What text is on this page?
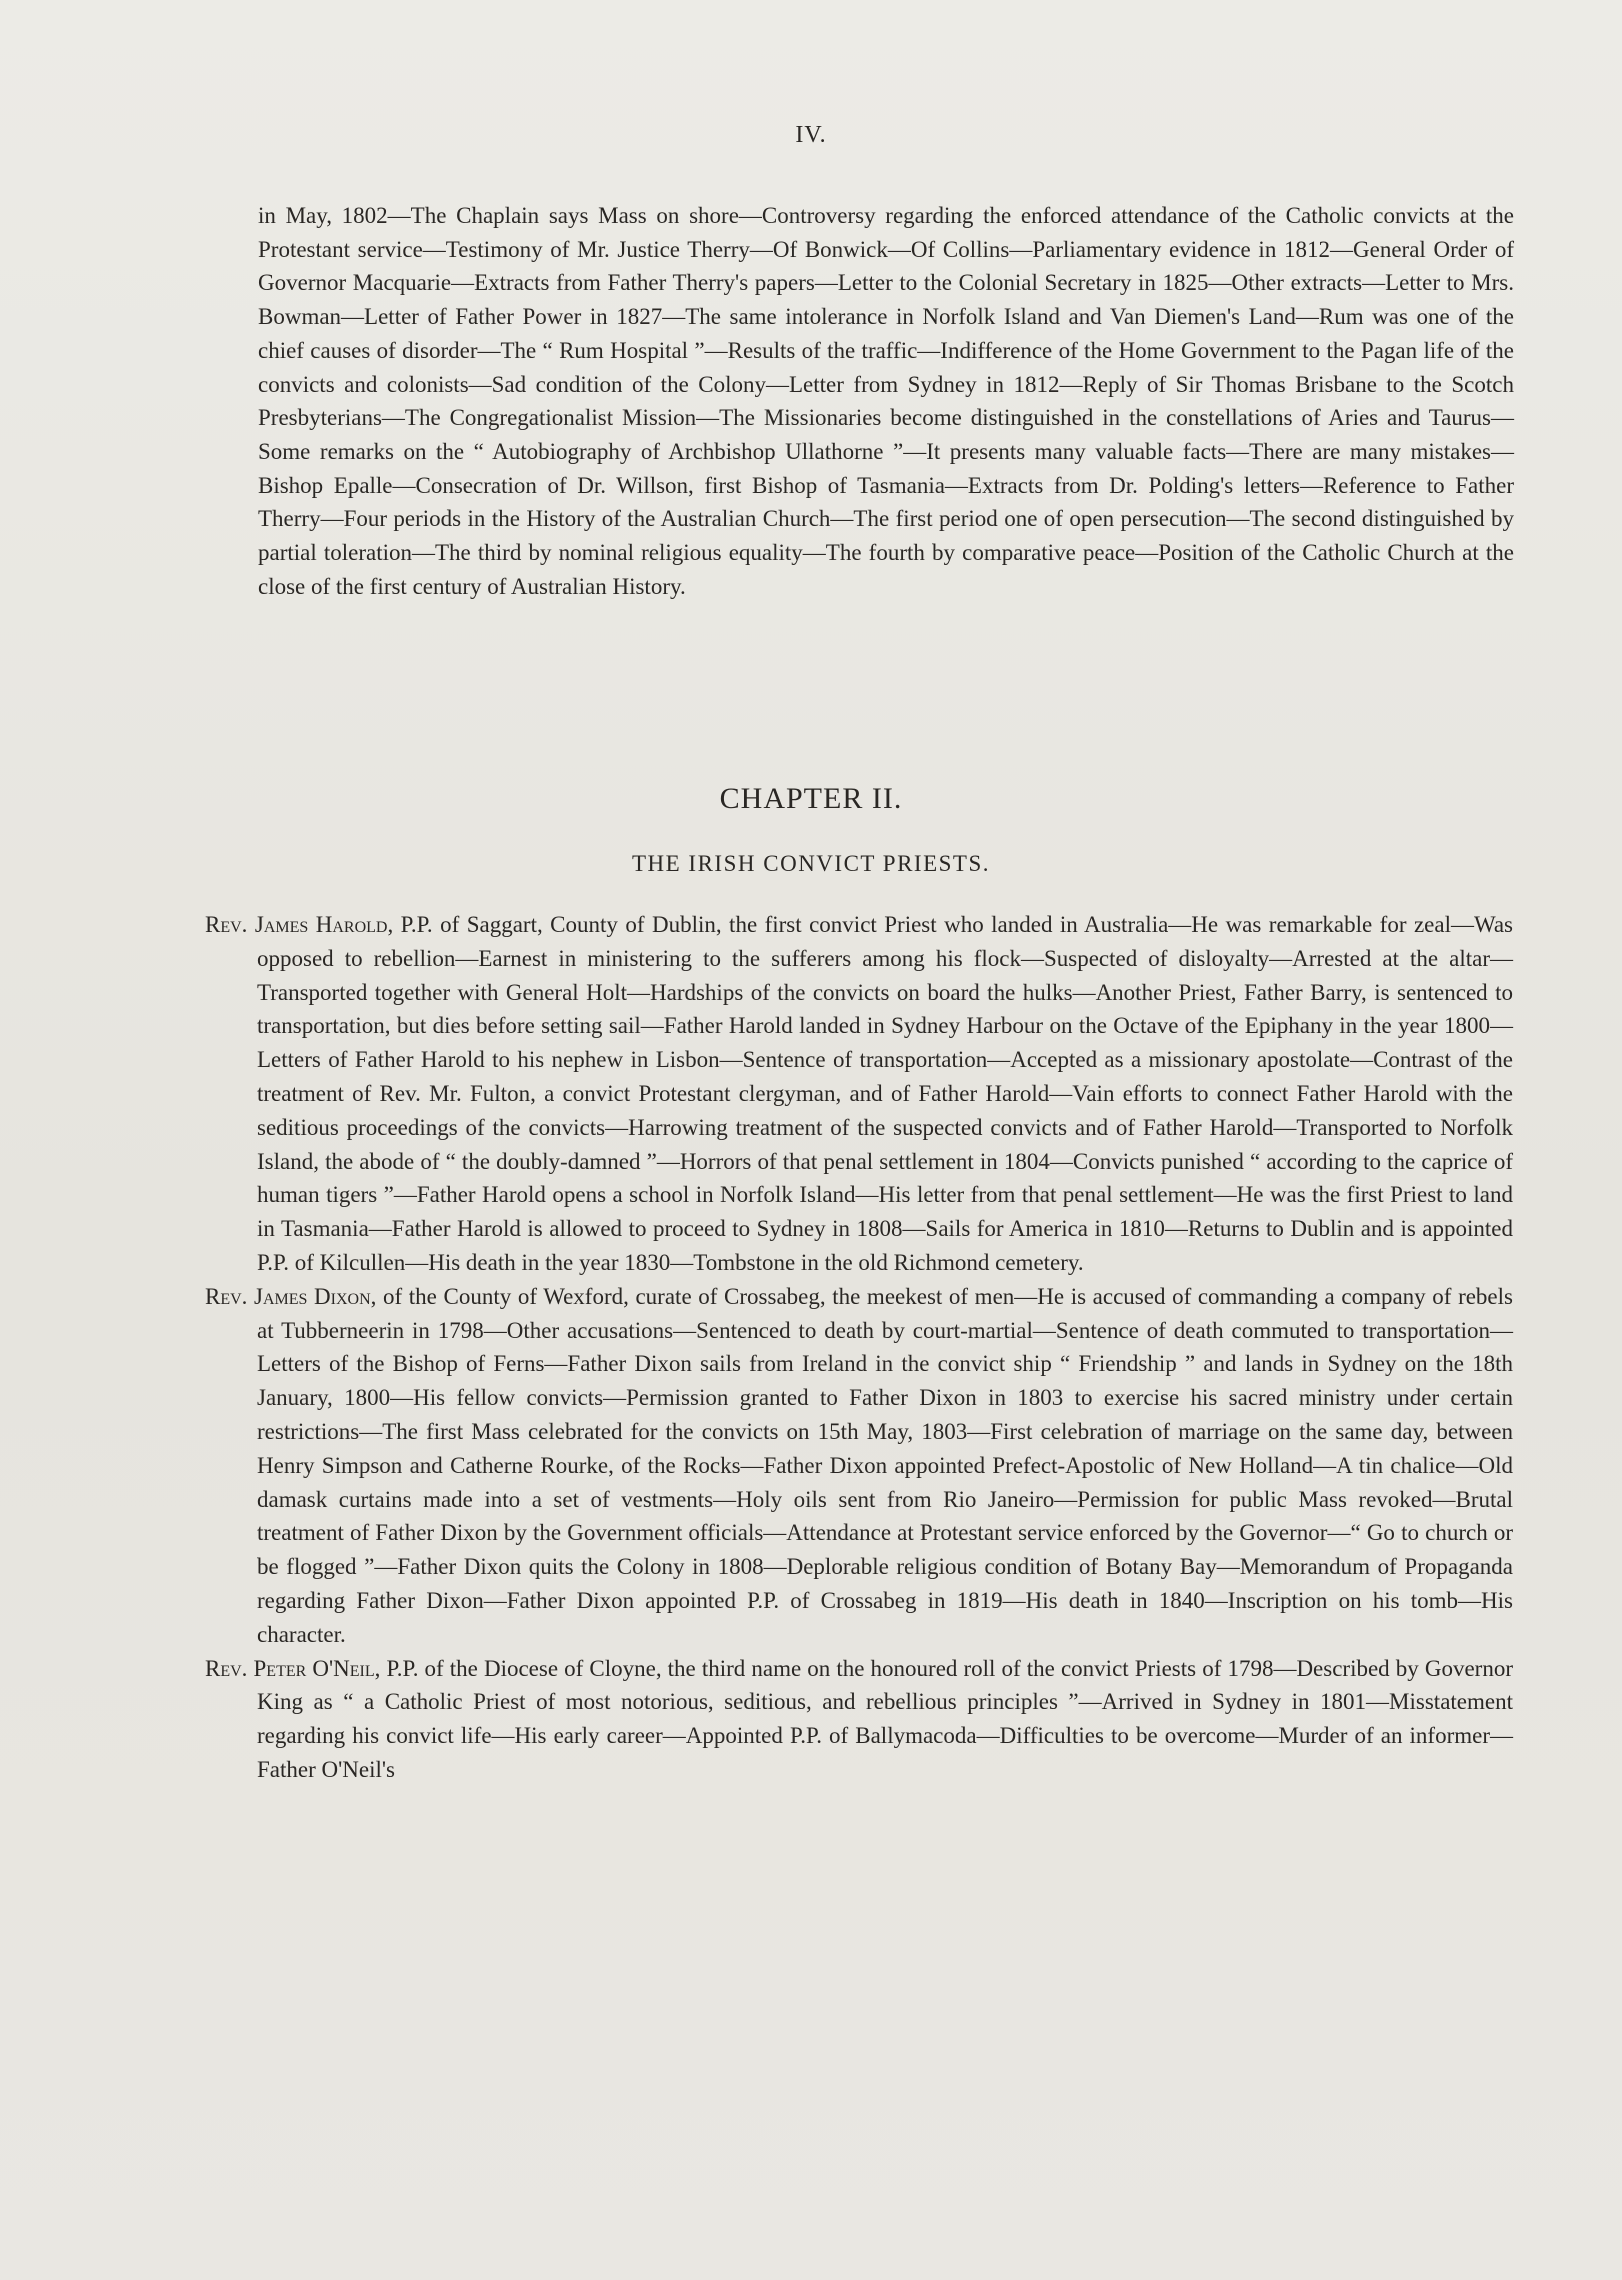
IV.

in May, 1802—The Chaplain says Mass on shore—Controversy regarding the enforced attendance of the Catholic convicts at the Protestant service—Testimony of Mr. Justice Therry—Of Bonwick—Of Collins—Parliamentary evidence in 1812—General Order of Governor Macquarie—Extracts from Father Therry's papers—Letter to the Colonial Secretary in 1825—Other extracts—Letter to Mrs. Bowman—Letter of Father Power in 1827—The same intolerance in Norfolk Island and Van Diemen's Land—Rum was one of the chief causes of disorder—The “ Rum Hospital ”—Results of the traffic—Indifference of the Home Government to the Pagan life of the convicts and colonists—Sad condition of the Colony—Letter from Sydney in 1812—Reply of Sir Thomas Brisbane to the Scotch Presbyterians—The Congregationalist Mission—The Missionaries become distinguished in the constellations of Aries and Taurus—Some remarks on the “ Autobiography of Archbishop Ullathorne ”—It presents many valuable facts—There are many mistakes—Bishop Epalle—Consecration of Dr. Willson, first Bishop of Tasmania—Extracts from Dr. Polding's letters—Reference to Father Therry—Four periods in the History of the Australian Church—The first period one of open persecution—The second distinguished by partial toleration—The third by nominal religious equality—The fourth by comparative peace—Position of the Catholic Church at the close of the first century of Australian History.

CHAPTER II.
THE IRISH CONVICT PRIESTS.

Rev. James Harold, P.P. of Saggart, County of Dublin, the first convict Priest who landed in Australia—He was remarkable for zeal—Was opposed to rebellion—Earnest in ministering to the sufferers among his flock—Suspected of disloyalty—Arrested at the altar—Transported together with General Holt—Hardships of the convicts on board the hulks—Another Priest, Father Barry, is sentenced to transportation, but dies before setting sail—Father Harold landed in Sydney Harbour on the Octave of the Epiphany in the year 1800—Letters of Father Harold to his nephew in Lisbon—Sentence of transportation—Accepted as a missionary apostolate—Contrast of the treatment of Rev. Mr. Fulton, a convict Protestant clergyman, and of Father Harold—Vain efforts to connect Father Harold with the seditious proceedings of the convicts—Harrowing treatment of the suspected convicts and of Father Harold—Transported to Norfolk Island, the abode of “ the doubly-damned ”—Horrors of that penal settlement in 1804—Convicts punished “ according to the caprice of human tigers ”—Father Harold opens a school in Norfolk Island—His letter from that penal settlement—He was the first Priest to land in Tasmania—Father Harold is allowed to proceed to Sydney in 1808—Sails for America in 1810—Returns to Dublin and is appointed P.P. of Kilcullen—His death in the year 1830—Tombstone in the old Richmond cemetery.

Rev. James Dixon, of the County of Wexford, curate of Crossabeg, the meekest of men—He is accused of commanding a company of rebels at Tubberneerin in 1798—Other accusations—Sentenced to death by court-martial—Sentence of death commuted to transportation—Letters of the Bishop of Ferns—Father Dixon sails from Ireland in the convict ship “ Friendship ” and lands in Sydney on the 18th January, 1800—His fellow convicts—Permission granted to Father Dixon in 1803 to exercise his sacred ministry under certain restrictions—The first Mass celebrated for the convicts on 15th May, 1803—First celebration of marriage on the same day, between Henry Simpson and Catherne Rourke, of the Rocks—Father Dixon appointed Prefect-Apostolic of New Holland—A tin chalice—Old damask curtains made into a set of vestments—Holy oils sent from Rio Janeiro—Permission for public Mass revoked—Brutal treatment of Father Dixon by the Government officials—Attendance at Protestant service enforced by the Governor—“ Go to church or be flogged ”—Father Dixon quits the Colony in 1808—Deplorable religious condition of Botany Bay—Memorandum of Propaganda regarding Father Dixon—Father Dixon appointed P.P. of Crossabeg in 1819—His death in 1840—Inscription on his tomb—His character.

Rev. Peter O'Neil, P.P. of the Diocese of Cloyne, the third name on the honoured roll of the convict Priests of 1798—Described by Governor King as “ a Catholic Priest of most notorious, seditious, and rebellious principles ”—Arrived in Sydney in 1801—Misstatement regarding his convict life—His early career—Appointed P.P. of Ballymacoda—Difficulties to be overcome—Murder of an informer—Father O'Neil's
